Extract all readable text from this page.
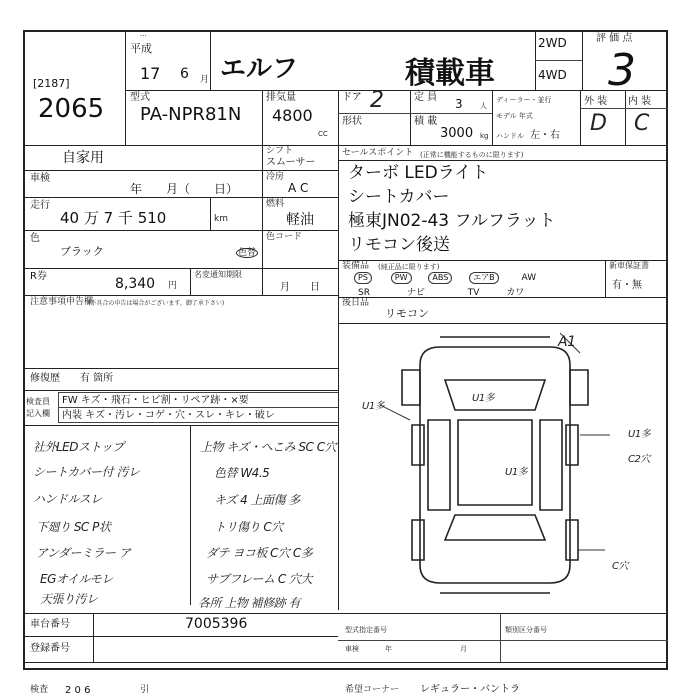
...
平成
17 6 月 エルフ	積載車
2WD
4WD
評 価 点
3
[2187]
2065	型式
PA-NPR81N
排気量
4800
CC
ドア 2	定 員 3 人
形状	積 載
3000 kg
ディーラー・並行
モデル 年式
ハンドル 左・右
外 装 内 装
D C
自家用	シフト
スムーサー
車検
年　　月（　　日）
冷房
A C
走行
40 万 7 千 510	km
燃料
軽油
色
ブラック	色替
色コード
R券	8,340 円
名変通知期限
月　　日
注意事項申告欄
(不具合の申告は場合がございます。御了承下さい)
修復歴 有 箇所
セールスポイント (正常に機能するものに限ります)
ターボ LEDライト
シートカバー
極東JN02-43 フルフラット
リモコン後送
装備品 (純正品に限ります)
PS	PW	ABS	エアB	AW
SR	ナビ	TV	カワ
新車保証書
有・無
後日品
リモコン
検査員
記入欄
FW キズ・飛石・ヒビ割・リペア跡・×要
内装 キズ・汚レ・コゲ・穴・スレ・キレ・破レ
社外LEDストップ
シートカバー付 汚レ
ハンドルスレ
下廻り SC P状
アンダーミラー ア
EGオイルモレ
天張り汚レ
上物 キズ・へこみ SC C穴
色替 W4.5
キズ 4 上面傷 多
トリ傷り C穴
ダテ ヨコ板 C穴 C多
サブフレーム C 穴大
各所 上物 補修跡 有
A1
U1多
U1多
U1多
C2穴
U1多
C穴
車台番号	7005396
登録番号
型式指定番号	類別区分番号
車検	年	月
検査 2 0 6	引	希望コーナー レギュラー・バントラ
